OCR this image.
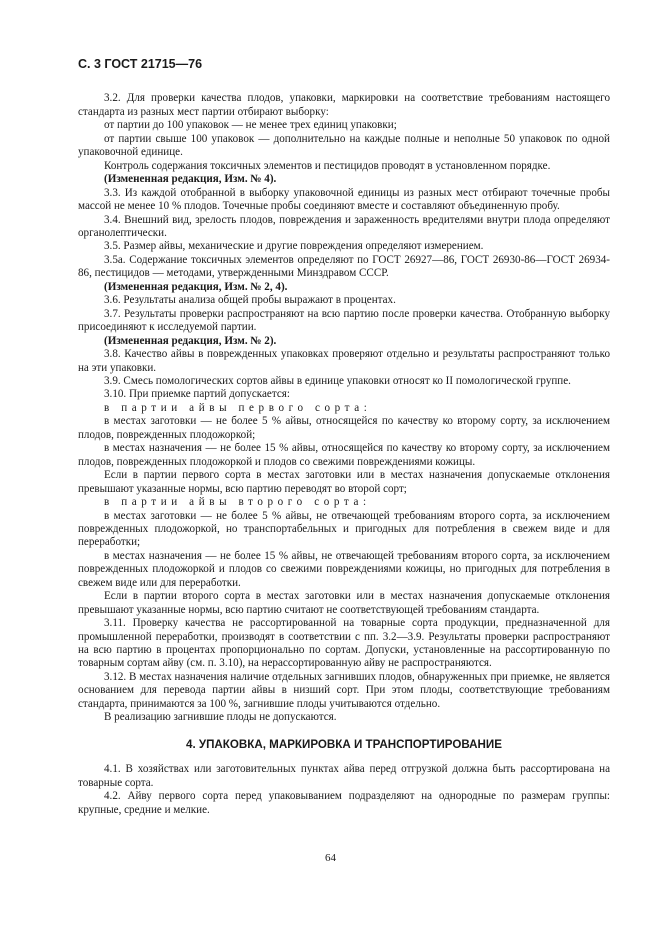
С. 3 ГОСТ 21715—76

3.2. Для проверки качества плодов, упаковки, маркировки на соответствие требованиям настоящего стандарта из разных мест партии отбирают выборку:

от партии до 100 упаковок — не менее трех единиц упаковки;

от партии свыше 100 упаковок — дополнительно на каждые полные и неполные 50 упаковок по одной упаковочной единице.

Контроль содержания токсичных элементов и пестицидов проводят в установленном порядке.

(Измененная редакция, Изм. № 4).

3.3. Из каждой отобранной в выборку упаковочной единицы из разных мест отбирают точечные пробы массой не менее 10 % плодов. Точечные пробы соединяют вместе и составляют объединенную пробу.

3.4. Внешний вид, зрелость плодов, повреждения и зараженность вредителями внутри плода определяют органолептически.

3.5. Размер айвы, механические и другие повреждения определяют измерением.

3.5а. Содержание токсичных элементов определяют по ГОСТ 26927—86, ГОСТ 26930-86—ГОСТ 26934-86, пестицидов — методами, утвержденными Минздравом СССР.

(Измененная редакция, Изм. № 2, 4).

3.6. Результаты анализа общей пробы выражают в процентах.

3.7. Результаты проверки распространяют на всю партию после проверки качества. Отобранную выборку присоединяют к исследуемой партии.

(Измененная редакция, Изм. № 2).

3.8. Качество айвы в поврежденных упаковках проверяют отдельно и результаты распространяют только на эти упаковки.

3.9. Смесь помологических сортов айвы в единице упаковки относят ко II помологической группе.

3.10. При приемке партий допускается:

в партии айвы первого сорта:

в местах заготовки — не более 5 % айвы, относящейся по качеству ко второму сорту, за исключением плодов, поврежденных плодожоркой;

в местах назначения — не более 15 % айвы, относящейся по качеству ко второму сорту, за исключением плодов, поврежденных плодожоркой и плодов со свежими повреждениями кожицы.

Если в партии первого сорта в местах заготовки или в местах назначения допускаемые отклонения превышают указанные нормы, всю партию переводят во второй сорт;

в партии айвы второго сорта:

в местах заготовки — не более 5 % айвы, не отвечающей требованиям второго сорта, за исключением поврежденных плодожоркой, но транспортабельных и пригодных для потребления в свежем виде и для переработки;

в местах назначения — не более 15 % айвы, не отвечающей требованиям второго сорта, за исключением поврежденных плодожоркой и плодов со свежими повреждениями кожицы, но пригодных для потребления в свежем виде или для переработки.

Если в партии второго сорта в местах заготовки или в местах назначения допускаемые отклонения превышают указанные нормы, всю партию считают не соответствующей требованиям стандарта.

3.11. Проверку качества не рассортированной на товарные сорта продукции, предназначенной для промышленной переработки, производят в соответствии с пп. 3.2—3.9. Результаты проверки распространяют на всю партию в процентах пропорционально по сортам. Допуски, установленные на рассортированную по товарным сортам айву (см. п. 3.10), на нерассортированную айву не распространяются.

3.12. В местах назначения наличие отдельных загнивших плодов, обнаруженных при приемке, не является основанием для перевода партии айвы в низший сорт. При этом плоды, соответствующие требованиям стандарта, принимаются за 100 %, загнившие плоды учитываются отдельно.

В реализацию загнившие плоды не допускаются.

4. УПАКОВКА, МАРКИРОВКА И ТРАНСПОРТИРОВАНИЕ

4.1. В хозяйствах или заготовительных пунктах айва перед отгрузкой должна быть рассортирована на товарные сорта.

4.2. Айву первого сорта перед упаковыванием подразделяют на однородные по размерам группы: крупные, средние и мелкие.

64
